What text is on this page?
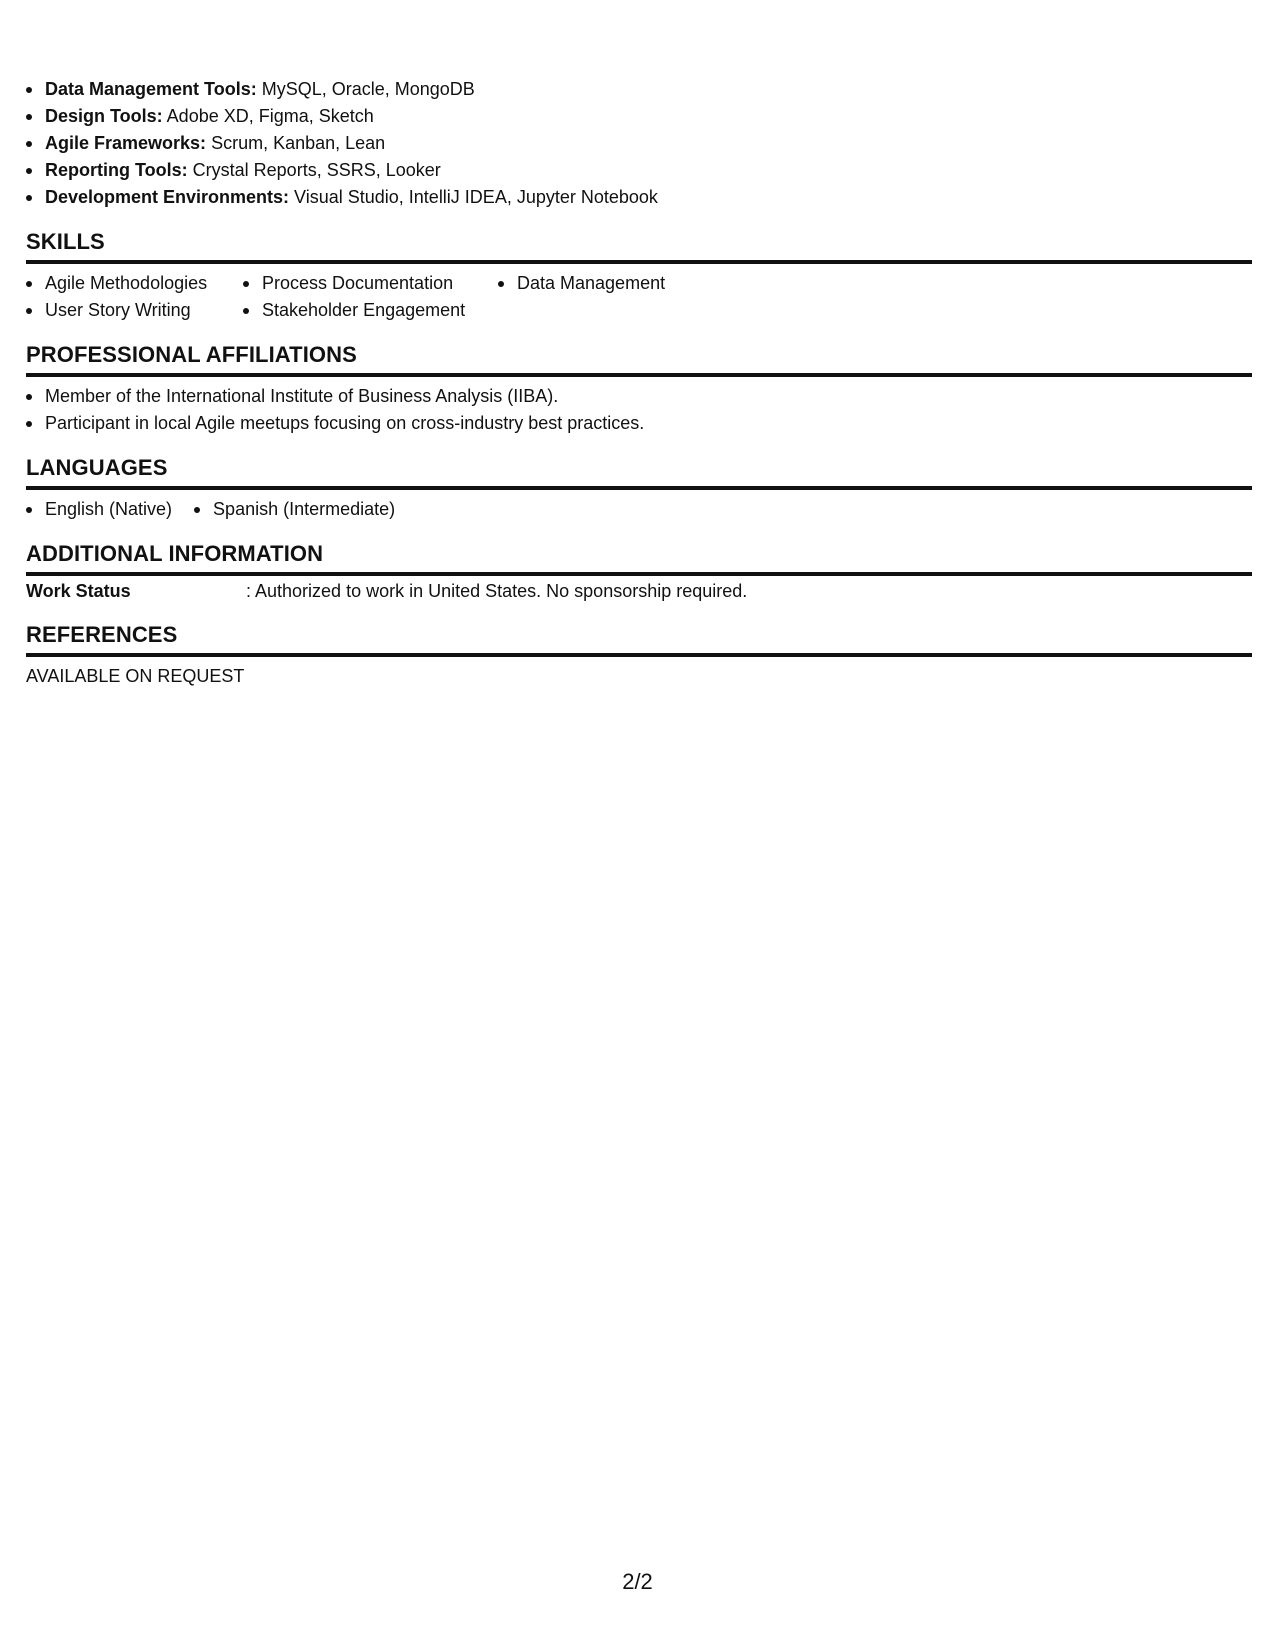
Data Management Tools: MySQL, Oracle, MongoDB
Design Tools: Adobe XD, Figma, Sketch
Agile Frameworks: Scrum, Kanban, Lean
Reporting Tools: Crystal Reports, SSRS, Looker
Development Environments: Visual Studio, IntelliJ IDEA, Jupyter Notebook
SKILLS
Agile Methodologies
User Story Writing
Process Documentation
Stakeholder Engagement
Data Management
PROFESSIONAL AFFILIATIONS
Member of the International Institute of Business Analysis (IIBA).
Participant in local Agile meetups focusing on cross-industry best practices.
LANGUAGES
English (Native)	Spanish (Intermediate)
ADDITIONAL INFORMATION
Work Status	: Authorized to work in United States. No sponsorship required.
REFERENCES
AVAILABLE ON REQUEST
2/2
